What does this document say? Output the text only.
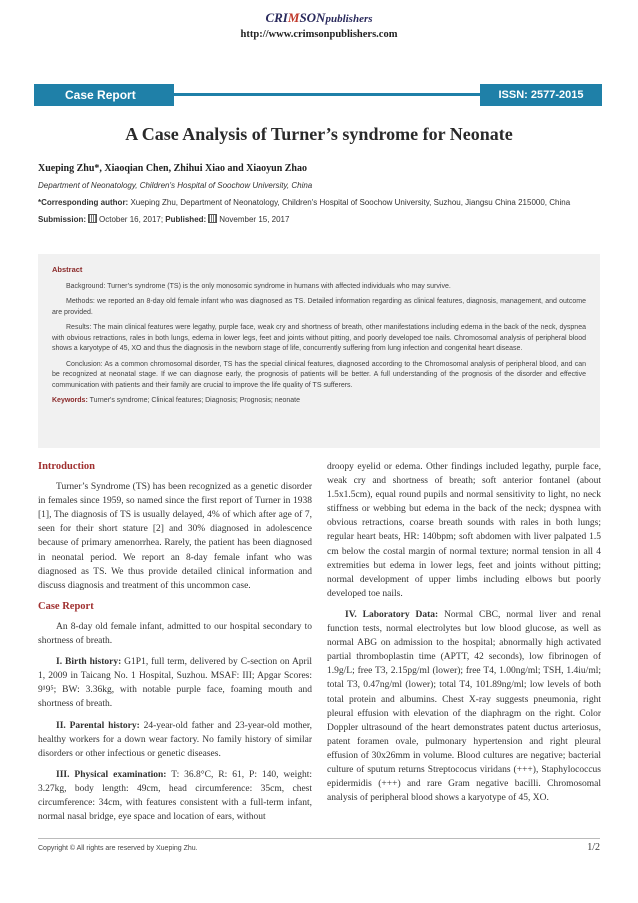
CRIMSONpublishers
http://www.crimsonpublishers.com
Case Report	ISSN: 2577-2015
A Case Analysis of Turner’s syndrome for Neonate
Xueping Zhu*, Xiaoqian Chen, Zhihui Xiao and Xiaoyun Zhao
Department of Neonatology, Children's Hospital of Soochow University, China
*Corresponding author: Xueping Zhu, Department of Neonatology, Children's Hospital of Soochow University, Suzhou, Jiangsu China 215000, China
Submission: October 16, 2017; Published: November 15, 2017
Abstract

Background: Turner’s syndrome (TS) is the only monosomic syndrome in humans with affected individuals who may survive.

Methods: we reported an 8-day old female infant who was diagnosed as TS. Detailed information regarding as clinical features, diagnosis, management, and outcome are provided.

Results: The main clinical features were legathy, purple face, weak cry and shortness of breath, other manifestations including edema in the back of the neck, dyspnea with obvious retractions, rales in both lungs, edema in lower legs, feet and joints without pitting, and poorly developed toe nails. Chromosomal analysis of peripheral blood shows a karyotype of 45, XO and thus the diagnosis in the newborn stage of life, concurrently suffering from lung infection and congenital heart disease.

Conclusion: As a common chromosomal disorder, TS has the special clinical features, diagnosed according to the Chromosomal analysis of peripheral blood, and can be recognized at neonatal stage. If we can diagnose early, the prognosis of patients will be better. A full understanding of the prognosis of the disorder and effective communication with patients and their family are crucial to improve the life quality of TS sufferers.

Keywords: Turner's syndrome; Clinical features; Diagnosis; Prognosis; neonate
Introduction

Turner’s Syndrome (TS) has been recognized as a genetic disorder in females since 1959, so named since the first report of Turner in 1938 [1], The diagnosis of TS is usually delayed, 4% of which after age of 7, seen for their short stature [2] and 30% diagnosed in adolescence because of primary amenorrhea. Rarely, the patient has been diagnosed in neonatal period. We report an 8-day female infant who was diagnosed as TS. We thus provide detailed clinical information and discuss diagnosis and treatment of this uncommon case.

Case Report

An 8-day old female infant, admitted to our hospital secondary to shortness of breath.

I. Birth history: G1P1, full term, delivered by C-section on April 1, 2009 in Taicang No. 1 Hospital, Suzhou. MSAF: III; Apgar Scores: 9¹9⁵; BW: 3.36kg, with notable purple face, foaming mouth and shortness of breath.

II. Parental history: 24-year-old father and 23-year-old mother, healthy workers for a down wear factory. No family history of similar disorders or other infectious or genetic diseases.

III. Physical examination: T: 36.8°C, R: 61, P: 140, weight: 3.27kg, body length: 49cm, head circumference: 35cm, chest circumference: 34cm, with features consistent with a full-term infant, normal nasal bridge, eye space and location of ears, without

droopy eyelid or edema. Other findings included legathy, purple face, weak cry and shortness of breath; soft anterior fontanel (about 1.5x1.5cm), equal round pupils and normal sensitivity to light, no neck stiffness or webbing but edema in the back of the neck; dyspnea with obvious retractions, coarse breath sounds with rales in both lungs; regular heart beats, HR: 140bpm; soft abdomen with liver palpated 1.5 cm below the costal margin of normal texture; normal tension in all 4 extremities but edema in lower legs, feet and joints without pitting; normal development of upper limbs including elbows but poorly developed toe nails.

IV. Laboratory Data: Normal CBC, normal liver and renal function tests, normal electrolytes but low blood glucose, as well as normal ABG on admission to the hospital; abnormally high activated partial thromboplastin time (APTT, 42 seconds), low fibrinogen of 1.9g/L; free T3, 2.15pg/ml (lower); free T4, 1.00ng/ml; TSH, 1.4iu/ml; total T3, 0.47ng/ml (lower); total T4, 101.89ng/ml; low levels of both total protein and albumins. Chest X-ray suggests pneumonia, right pleural effusion with elevation of the diaphragm on the right. Color Doppler ultrasound of the heart demonstrates patent ductus arteriosus, patent foramen ovale, pulmonary hypertension and right pleural effusion of 30x26mm in volume. Blood cultures are negative; bacterial culture of sputum returns Streptococus viridans (+++), Staphylococcus epidermidis (+++) and rare Gram negative bacilli. Chromosomal analysis of peripheral blood shows a karyotype of 45, XO.

Copyright © All rights are reserved by Xueping Zhu.	1/2
